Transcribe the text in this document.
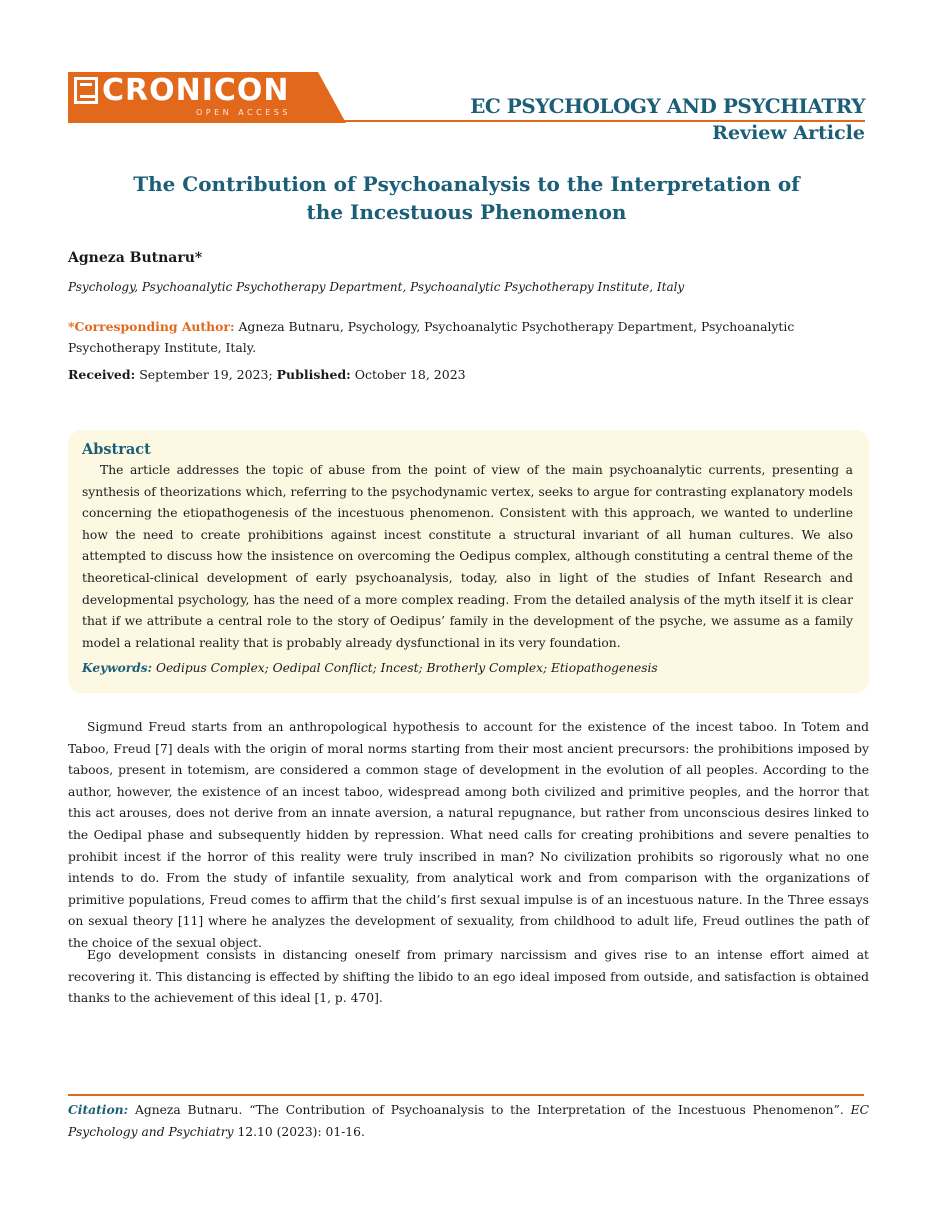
CRONICON
OPEN ACCESS	EC PSYCHOLOGY AND PSYCHIATRY
Review Article
The Contribution of Psychoanalysis to the Interpretation of
the Incestuous Phenomenon
Agneza Butnaru*
Psychology, Psychoanalytic Psychotherapy Department, Psychoanalytic Psychotherapy Institute, Italy
*Corresponding Author: Agneza Butnaru, Psychology, Psychoanalytic Psychotherapy Department, Psychoanalytic Psychotherapy Institute, Italy.
Received: September 19, 2023; Published: October 18, 2023
Abstract

The article addresses the topic of abuse from the point of view of the main psychoanalytic currents, presenting a synthesis of theorizations which, referring to the psychodynamic vertex, seeks to argue for contrasting explanatory models concerning the etiopathogenesis of the incestuous phenomenon. Consistent with this approach, we wanted to underline how the need to create prohibitions against incest constitute a structural invariant of all human cultures. We also attempted to discuss how the insistence on overcoming the Oedipus complex, although constituting a central theme of the theoretical-clinical development of early psychoanalysis, today, also in light of the studies of Infant Research and developmental psychology, has the need of a more complex reading. From the detailed analysis of the myth itself it is clear that if we attribute a central role to the story of Oedipus’ family in the development of the psyche, we assume as a family model a relational reality that is probably already dysfunctional in its very foundation.

Keywords: Oedipus Complex; Oedipal Conflict; Incest; Brotherly Complex; Etiopathogenesis

Sigmund Freud starts from an anthropological hypothesis to account for the existence of the incest taboo. In Totem and Taboo, Freud [7] deals with the origin of moral norms starting from their most ancient precursors: the prohibitions imposed by taboos, present in totemism, are considered a common stage of development in the evolution of all peoples. According to the author, however, the existence of an incest taboo, widespread among both civilized and primitive peoples, and the horror that this act arouses, does not derive from an innate aversion, a natural repugnance, but rather from unconscious desires linked to the Oedipal phase and subsequently hidden by repression. What need calls for creating prohibitions and severe penalties to prohibit incest if the horror of this reality were truly inscribed in man? No civilization prohibits so rigorously what no one intends to do. From the study of infantile sexuality, from analytical work and from comparison with the organizations of primitive populations, Freud comes to affirm that the child’s first sexual impulse is of an incestuous nature. In the Three essays on sexual theory [11] where he analyzes the development of sexuality, from childhood to adult life, Freud outlines the path of the choice of the sexual object.

Ego development consists in distancing oneself from primary narcissism and gives rise to an intense effort aimed at recovering it. This distancing is effected by shifting the libido to an ego ideal imposed from outside, and satisfaction is obtained thanks to the achievement of this ideal [1, p. 470].

Citation: Agneza Butnaru. “The Contribution of Psychoanalysis to the Interpretation of the Incestuous Phenomenon”. EC Psychology and Psychiatry 12.10 (2023): 01-16.
